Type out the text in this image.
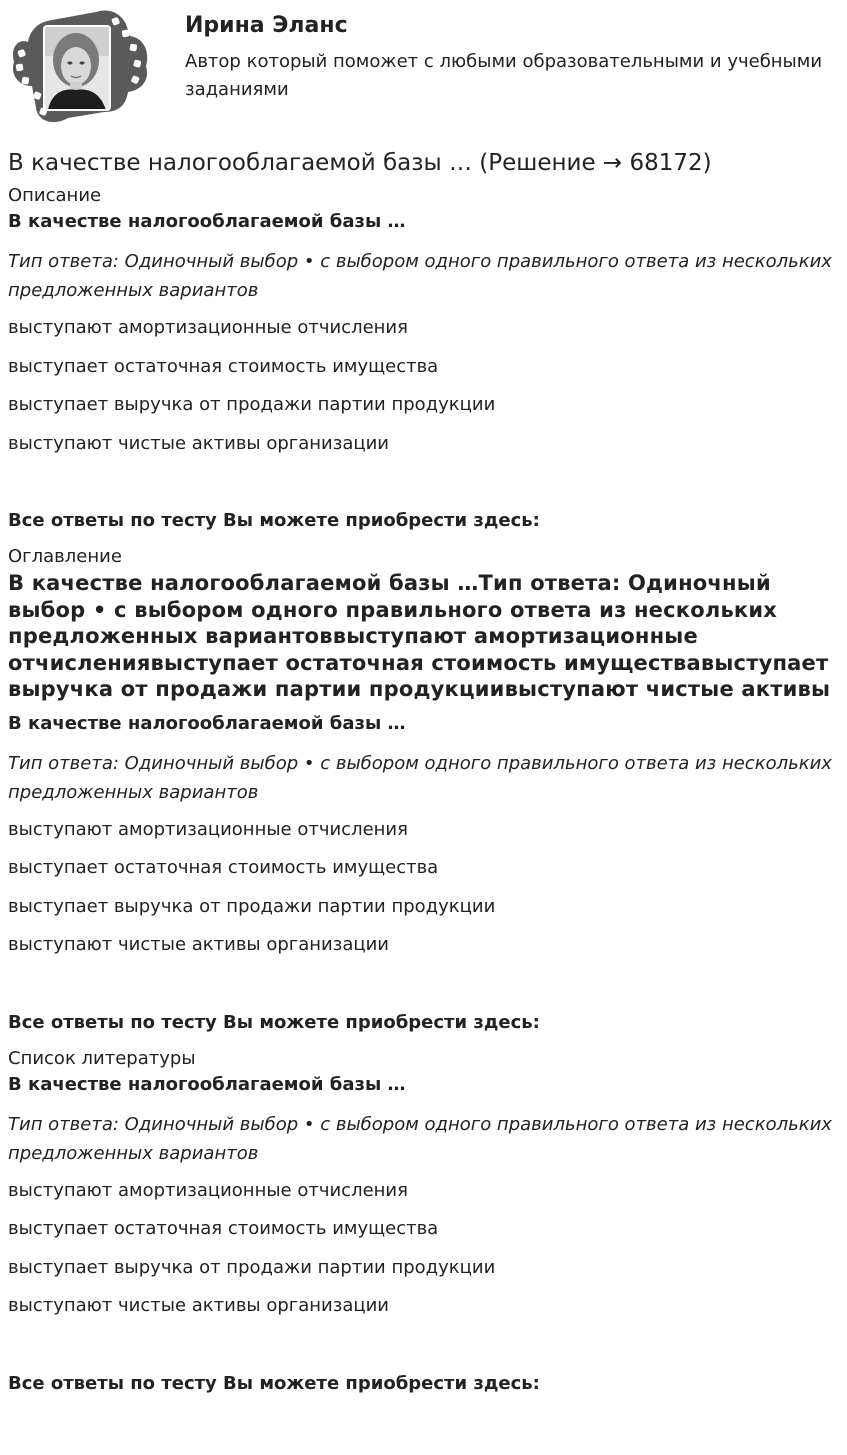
Ирина Эланс
Автор который поможет с любыми образовательными и учебными заданиями
В качестве налогооблагаемой базы … (Решение → 68172)
Описание
В качестве налогооблагаемой базы …
Тип ответа: Одиночный выбор • с выбором одного правильного ответа из нескольких предложенных вариантов
выступают амортизационные отчисления
выступает остаточная стоимость имущества
выступает выручка от продажи партии продукции
выступают чистые активы организации
Все ответы по тесту Вы можете приобрести здесь:
Оглавление
В качестве налогооблагаемой базы …Тип ответа: Одиночный выбор • с выбором одного правильного ответа из нескольких предложенных вариантоввыступают амортизационные отчислениявыступает остаточная стоимость имуществавыступает выручка от продажи партии продукциивыступают чистые активы
В качестве налогооблагаемой базы …
Тип ответа: Одиночный выбор • с выбором одного правильного ответа из нескольких предложенных вариантов
выступают амортизационные отчисления
выступает остаточная стоимость имущества
выступает выручка от продажи партии продукции
выступают чистые активы организации
Все ответы по тесту Вы можете приобрести здесь:
Список литературы
В качестве налогооблагаемой базы …
Тип ответа: Одиночный выбор • с выбором одного правильного ответа из нескольких предложенных вариантов
выступают амортизационные отчисления
выступает остаточная стоимость имущества
выступает выручка от продажи партии продукции
выступают чистые активы организации
Все ответы по тесту Вы можете приобрести здесь:
